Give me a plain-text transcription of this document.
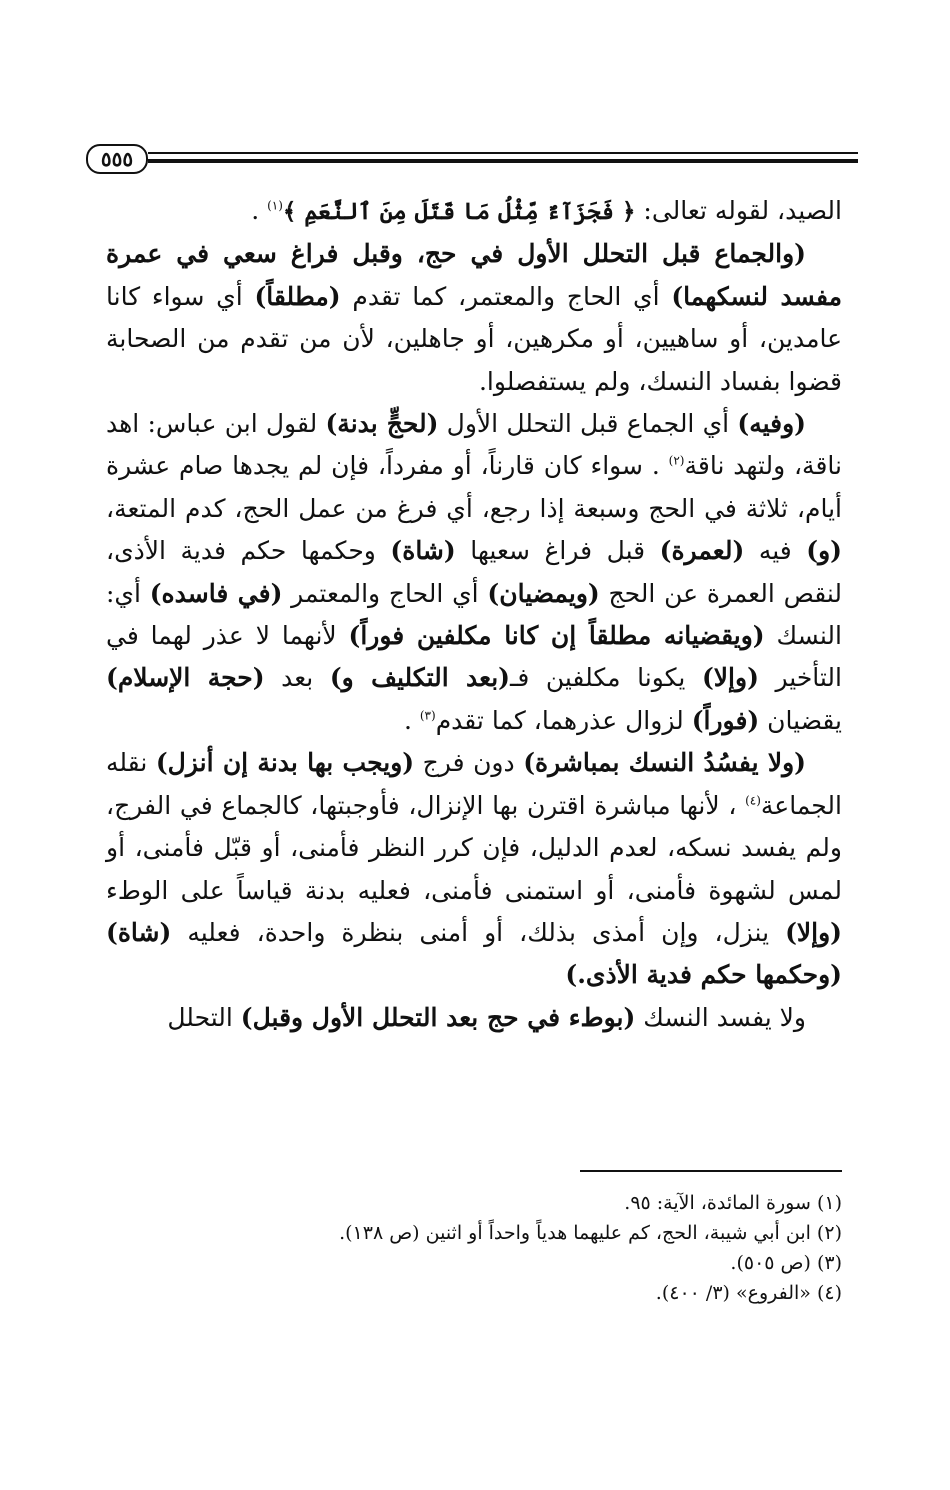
٥٥٥

الصيد، لقوله تعالى: ﴿ فَجَزَآءٌ مِّثْلُ مَا قَتَلَ مِنَ ٱلنَّعَمِ ﴾$^{(١)}$ .

(والجماع قبل التحلل الأول في حج، وقبل فراغ سعي في عمرة مفسد لنسكهما) أي الحاج والمعتمر، كما تقدم (مطلقاً) أي سواء كانا عامدين، أو ساهيين، أو مكرهين، أو جاهلين، لأن من تقدم من الصحابة قضوا بفساد النسك، ولم يستفصلوا.

(وفيه) أي الجماع قبل التحلل الأول (لحجٍّ بدنة) لقول ابن عباس: اهد ناقة، ولتهد ناقة$^{(٢)}$ . سواء كان قارناً، أو مفرداً، فإن لم يجدها صام عشرة أيام، ثلاثة في الحج وسبعة إذا رجع، أي فرغ من عمل الحج، كدم المتعة، (و) فيه (لعمرة) قبل فراغ سعيها (شاة) وحكمها حكم فدية الأذى، لنقص العمرة عن الحج (ويمضيان) أي الحاج والمعتمر (في فاسده) أي: النسك (ويقضيانه مطلقاً إن كانا مكلفين فوراً) لأنهما لا عذر لهما في التأخير (وإلا) يكونا مكلفين فـ(بعد التكليف و) بعد (حجة الإسلام) يقضيان (فوراً) لزوال عذرهما، كما تقدم$^{(٣)}$ .

(ولا يفسُدُ النسك بمباشرة) دون فرج (ويجب بها بدنة إن أنزل) نقله الجماعة$^{(٤)}$ ، لأنها مباشرة اقترن بها الإنزال، فأوجبتها، كالجماع في الفرج، ولم يفسد نسكه، لعدم الدليل، فإن كرر النظر فأمنى، أو قبّل فأمنى، أو لمس لشهوة فأمنى، أو استمنى فأمنى، فعليه بدنة قياساً على الوطء (وإلا) ينزل، وإن أمذى بذلك، أو أمنى بنظرة واحدة، فعليه (شاة) (وحكمها حكم فدية الأذى.)

ولا يفسد النسك (بوطء في حج بعد التحلل الأول وقبل) التحلل

(١) سورة المائدة، الآية: ٩٥.
(٢) ابن أبي شيبة، الحج، كم عليهما هدياً واحداً أو اثنين (ص ١٣٨).
(٣) (ص ٥٠٥).
(٤) «الفروع» (٣/ ٤٠٠).
